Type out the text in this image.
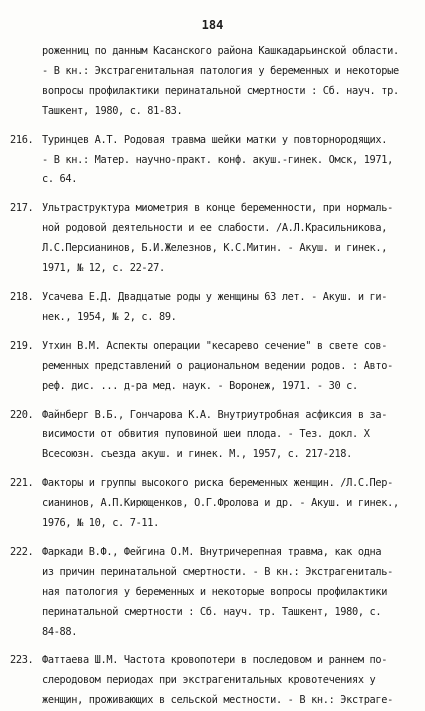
184
роженниц по данным Касанского района Кашкадарьинской области.
- В кн.: Экстрагенитальная патология у беременных и некоторые
вопросы профилактики перинатальной смертности : Сб. науч. тр.
Ташкент, 1980, с. 81-83.
216. Туринцев А.Т. Родовая травма шейки матки у повторнородящих.
- В кн.: Матер. научно-практ. конф. акуш.-гинек. Омск, 1971,
с. 64.
217. Ультраструктура миометрия в конце беременности, при нормаль-
ной родовой деятельности и ее слабости. /А.Л.Красильникова,
Л.С.Персианинов, Б.И.Железнов, К.С.Митин. - Акуш. и гинек.,
1971, № 12, с. 22-27.
218. Усачева Е.Д. Двадцатые роды у женщины 63 лет. - Акуш. и ги-
нек., 1954, № 2, с. 89.
219. Утхин В.М. Аспекты операции "кесарево сечение" в свете сов-
ременных представлений о рациональном ведении родов. : Авто-
реф. дис. ... д-ра мед. наук. - Воронеж, 1971. - 30 с.
220. Файнберг В.Б., Гончарова К.А. Внутриутробная асфиксия в за-
висимости от обвития пуповиной шеи плода. - Тез. докл. Х
Всесоюзн. съезда акуш. и гинек. М., 1957, с. 217-218.
221. Факторы и группы высокого риска беременных женщин. /Л.С.Пер-
сианинов, А.П.Кирющенков, О.Г.Фролова и др. - Акуш. и гинек.,
1976, № 10, с. 7-11.
222. Фаркади В.Ф., Фейгина О.М. Внутричерепная травма, как одна
из причин перинатальной смертности. - В кн.: Экстрагениталь-
ная патология у беременных и некоторые вопросы профилактики
перинатальной смертности : Сб. науч. тр. Ташкент, 1980, с.
84-88.
223. Фаттаева Ш.М. Частота кровопотери в последовом и раннем по-
слеродовом периодах при экстрагенитальных кровотечениях у
женщин, проживающих в сельской местности. - В кн.: Экстраге-
